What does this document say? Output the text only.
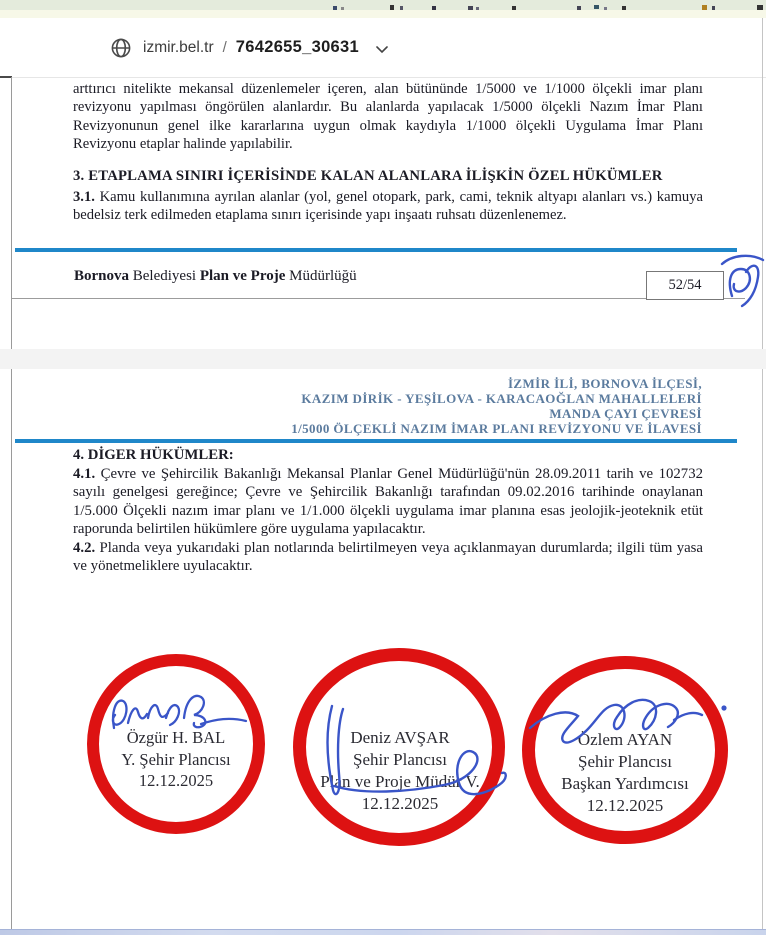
izmir.bel.tr / 7642655_30631

arttırıcı nitelikte mekansal düzenlemeler içeren, alan bütününde 1/5000 ve 1/1000 ölçekli imar planı revizyonu yapılması öngörülen alanlardır. Bu alanlarda yapılacak 1/5000 ölçekli Nazım İmar Planı Revizyonunun genel ilke kararlarına uygun olmak kaydıyla 1/1000 ölçekli Uygulama İmar Planı Revizyonu etaplar halinde yapılabilir.

3. ETAPLAMA SINIRI İÇERİSİNDE KALAN ALANLARA İLİŞKİN ÖZEL HÜKÜMLER

3.1. Kamu kullanımına ayrılan alanlar (yol, genel otopark, park, cami, teknik altyapı alanları vs.) kamuya bedelsiz terk edilmeden etaplama sınırı içerisinde yapı inşaatı ruhsatı düzenlenemez.

Bornova Belediyesi Plan ve Proje Müdürlüğü
52/54
İZMİR İLİ, BORNOVA İLÇESİ,
KAZIM DİRİK - YEŞİLOVA - KARACAOĞLAN MAHALLELERİ
MANDA ÇAYI ÇEVRESİ
1/5000 ÖLÇEKLİ NAZIM İMAR PLANI REVİZYONU VE İLAVESİ
4. DİGER HÜKÜMLER:

4.1. Çevre ve Şehircilik Bakanlığı Mekansal Planlar Genel Müdürlüğü'nün 28.09.2011 tarih ve 102732 sayılı genelgesi gereğince; Çevre ve Şehircilik Bakanlığı tarafından 09.02.2016 tarihinde onaylanan 1/5.000 Ölçekli nazım imar planı ve 1/1.000 ölçekli uygulama imar planına esas jeolojik-jeoteknik etüt raporunda belirtilen hükümlere göre uygulama yapılacaktır.

4.2. Planda veya yukarıdaki plan notlarında belirtilmeyen veya açıklanmayan durumlarda; ilgili tüm yasa ve yönetmeliklere uyulacaktır.

Özgür H. BAL
Y. Şehir Plancısı
12.12.2025
Deniz AVŞAR
Şehir Plancısı
Plan ve Proje Müdür V.
12.12.2025
Özlem AYAN
Şehir Plancısı
Başkan Yardımcısı
12.12.2025
